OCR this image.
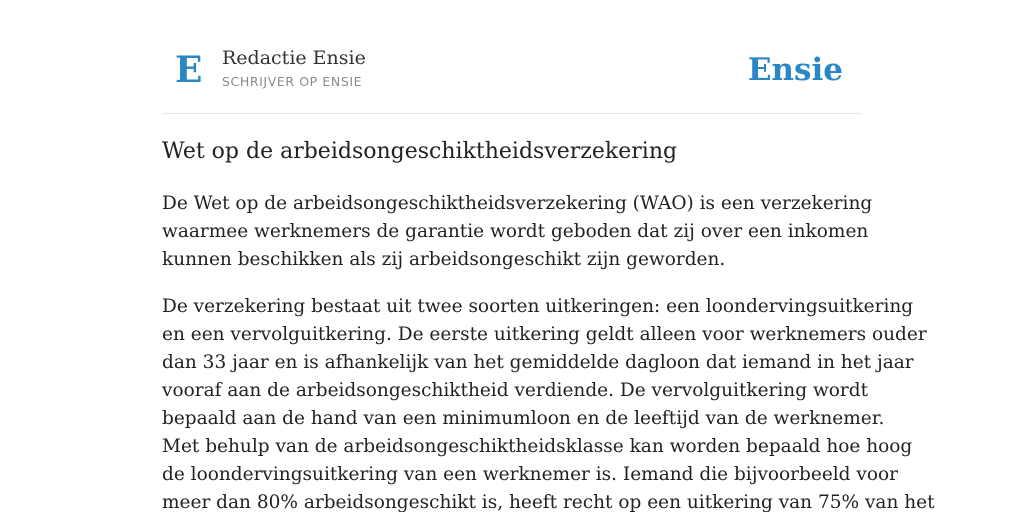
E Redactie Ensie
SCHRIJVER OP ENSIE	Ensie
Wet op de arbeidsongeschiktheidsverzekering

De Wet op de arbeidsongeschiktheidsverzekering (WAO) is een verzekering
waarmee werknemers de garantie wordt geboden dat zij over een inkomen
kunnen beschikken als zij arbeidsongeschikt zijn geworden.

De verzekering bestaat uit twee soorten uitkeringen: een loondervingsuitkering
en een vervolguitkering. De eerste uitkering geldt alleen voor werknemers ouder
dan 33 jaar en is afhankelijk van het gemiddelde dagloon dat iemand in het jaar
vooraf aan de arbeidsongeschiktheid verdiende. De vervolguitkering wordt
bepaald aan de hand van een minimumloon en de leeftijd van de werknemer.
Met behulp van de arbeidsongeschiktheidsklasse kan worden bepaald hoe hoog
de loondervingsuitkering van een werknemer is. Iemand die bijvoorbeeld voor
meer dan 80% arbeidsongeschikt is, heeft recht op een uitkering van 75% van het
